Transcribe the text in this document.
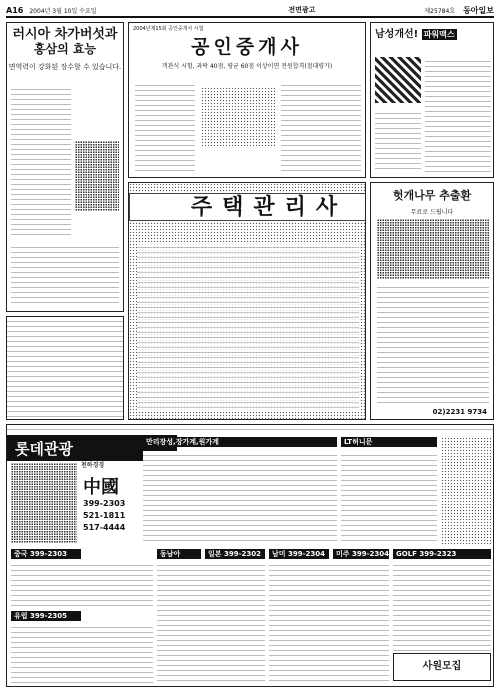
A16 2004년 3월 10일 수요일	전면광고	제25784호 동아일보
러시아 차가버섯과
홍삼의 효능
면역력이 강화된 장수할 수 있습니다.
2004년제15회 공인중개사 시험
공인중개사
객관식 시험, 과락 40점, 평균 60점 이상이면 전원합격(절대평가)
남성개선! 파워맥스
주택관리사	헛개나무 추출환
무료로 드립니다
02)2231 9734
롯데관광
천하경경
中國
399-2303
521-1811
517-4444
만리장성,장가계,원가계	LT허니문
중국
399-2303	동남아	일본
399-2302 남미
399-2304 미주
399-2304 GOLF
399-2323
유럽
399-2305
사원모집
